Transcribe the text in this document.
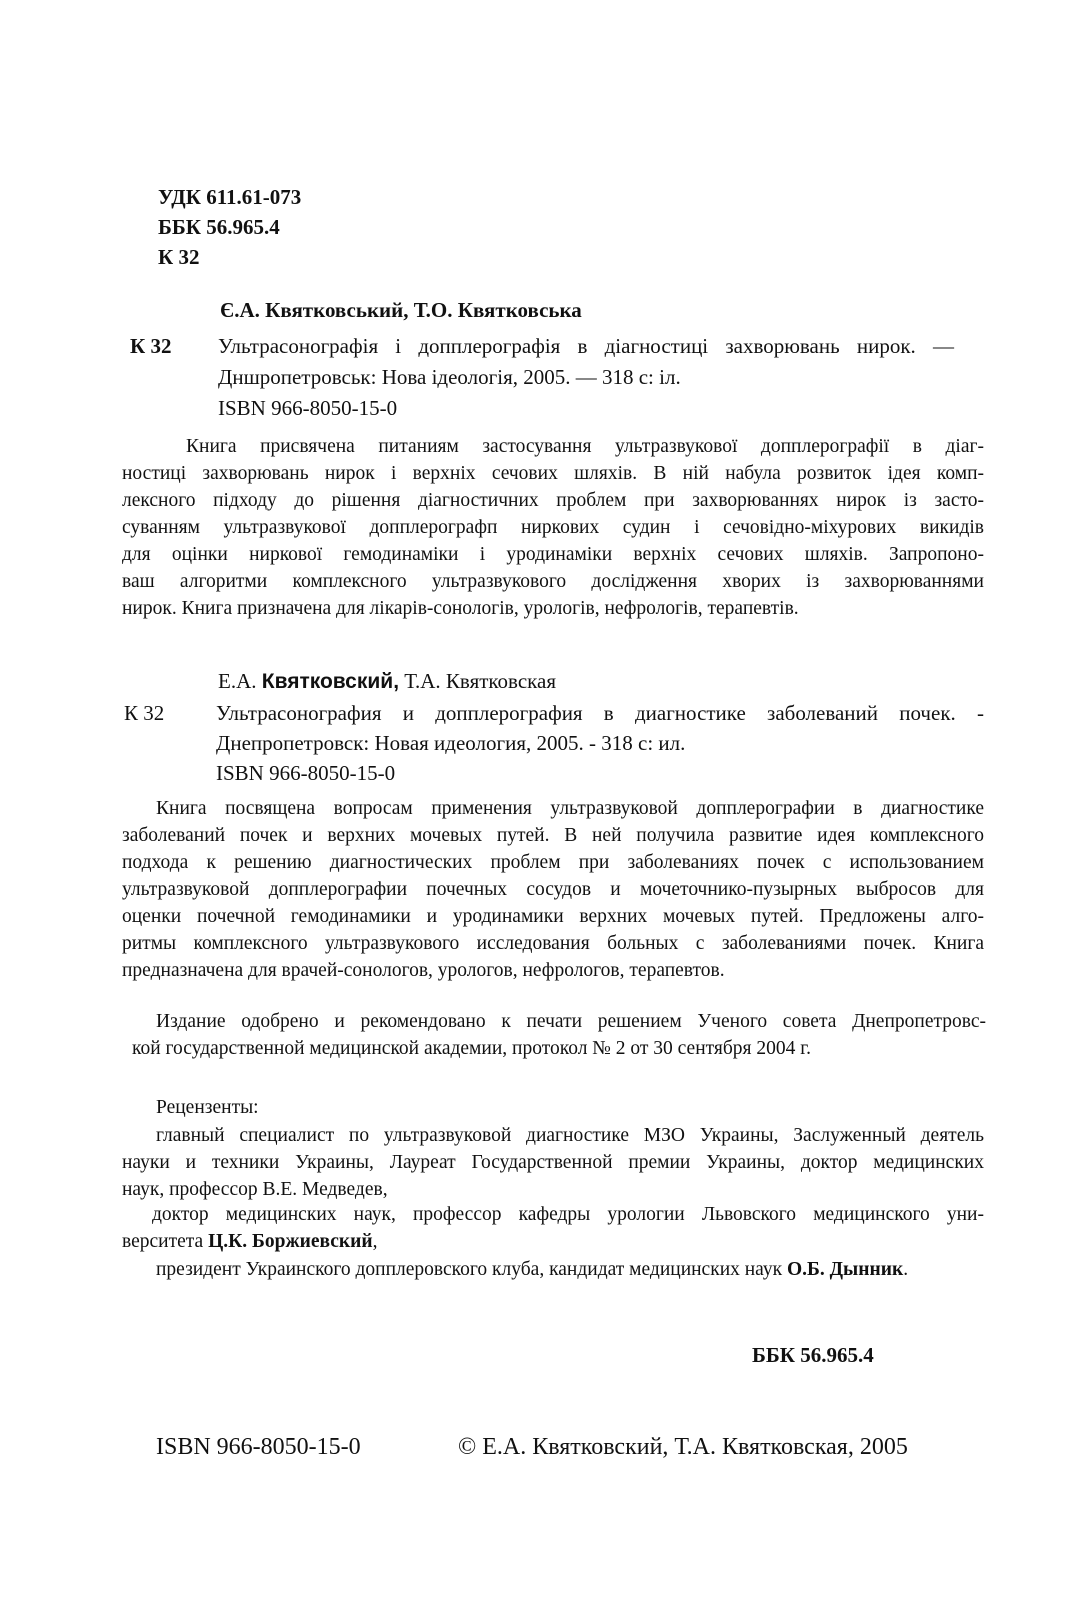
УДК 611.61-073
ББК 56.965.4
К 32
Є.А. Квятковський, Т.О. Квятковська
К 32 Ультрасонографія і допплерографія в діагностиці захворювань нирок. —
Дншропетровськ: Нова ідеологія, 2005. — 318 с: іл.
ISBN 966-8050-15-0
Книга присвячена питаниям застосування ультразвукової допплерографії в діаг-
ностиці захворювань нирок і верхніх сечових шляхів. В ній набула розвиток ідея комп-
лексного підходу до рішення діагностичних проблем при захворюваннях нирок із засто-
суванням ультразвукової допплерографп ниркових судин і сечовідно-міхурових викидів
для оцінки ниркової гемодинаміки і уродинаміки верхніх сечових шляхів. Запропоно-
ваш алгоритми комплексного ультразвукового дослідження хворих із захворюваннями
нирок. Книга призначена для лікарів-сонологів, урологів, нефрологів, терапевтів.
Е.А. Квятковский, Т.А. Квятковская
К 32 Ультрасонография и допплерография в диагностике заболеваний почек. -
Днепропетровск: Новая идеология, 2005. - 318 с: ил.
ISBN 966-8050-15-0
Книга посвящена вопросам применения ультразвуковой допплерографии в диагностике
заболеваний почек и верхних мочевых путей. В ней получила развитие идея комплексного
подхода к решению диагностических проблем при заболеваниях почек с использованием
ультразвуковой допплерографии почечных сосудов и мочеточнико-пузырных выбросов для
оценки почечной гемодинамики и уродинамики верхних мочевых путей. Предложены алго-
ритмы комплексного ультразвукового исследования больных с заболеваниями почек. Книга
предназначена для врачей-сонологов, урологов, нефрологов, терапевтов.
Издание одобрено и рекомендовано к печати решением Ученого совета Днепропетровс-
кой государственной медицинской академии, протокол № 2 от 30 сентября 2004 г.
Рецензенты:
главный специалист по ультразвуковой диагностике МЗО Украины, Заслуженный деятель
науки и техники Украины, Лауреат Государственной премии Украины, доктор медицинских
наук, профессор В.Е. Медведев,
доктор медицинских наук, профессор кафедры урологии Львовского медицинского уни-
верситета Ц.К. Боржиевский,
президент Украинского допплеровского клуба, кандидат медицинских наук О.Б. Дынник.
ББК 56.965.4
ISBN 966-8050-15-0	© Е.А. Квятковский, Т.А. Квятковская, 2005
